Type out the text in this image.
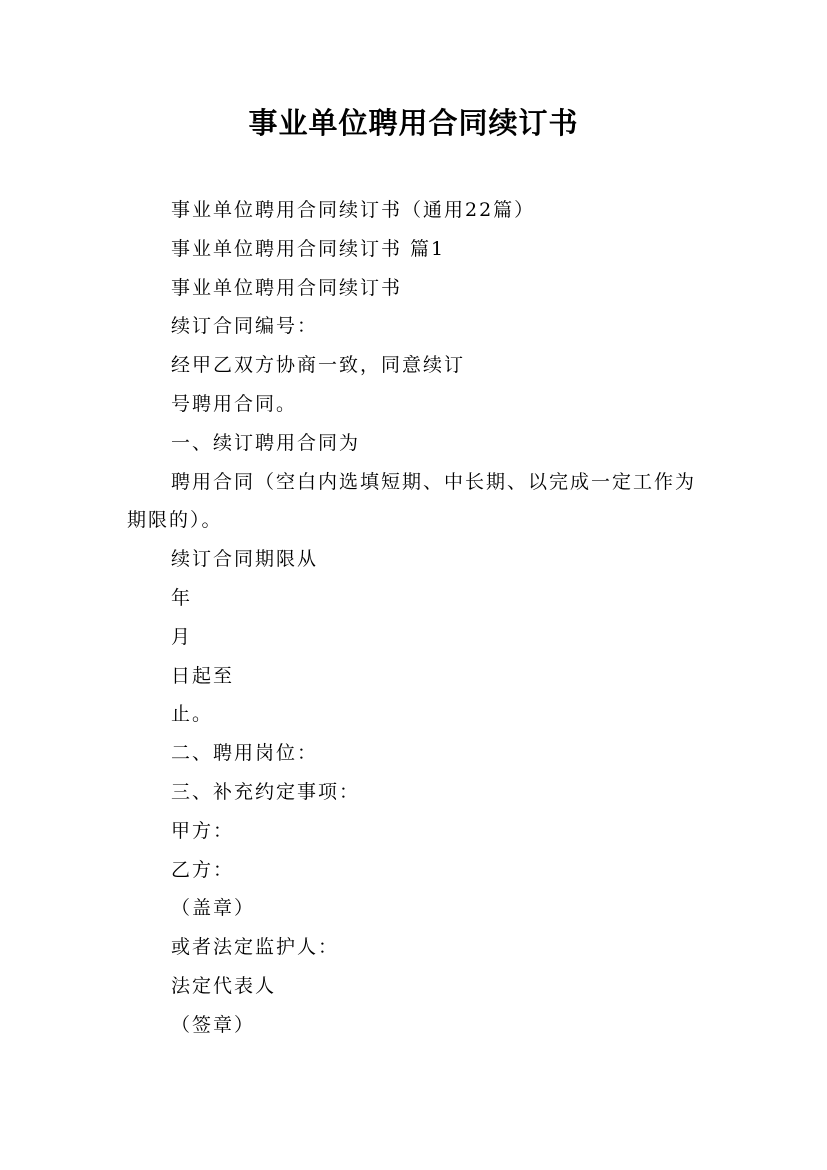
事业单位聘用合同续订书

事业单位聘用合同续订书（通用22篇）

事业单位聘用合同续订书 篇1

事业单位聘用合同续订书

续订合同编号：

经甲乙双方协商一致，同意续订

号聘用合同。

一、续订聘用合同为

聘用合同（空白内选填短期、中长期、以完成一定工作为期限的）。

续订合同期限从

年

月

日起至

止。

二、聘用岗位：

三、补充约定事项：

甲方：

乙方：

（盖章）

或者法定监护人：

法定代表人

（签章）
